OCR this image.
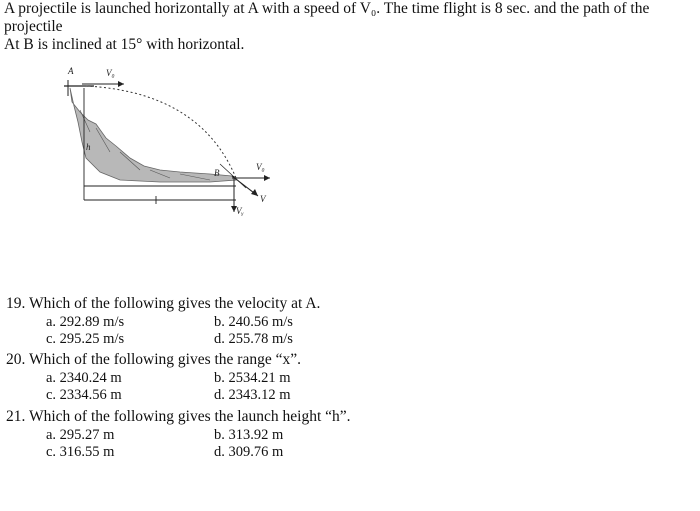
A projectile is launched horizontally at A with a speed of V₀. The time flight is 8 sec. and the path of the
projectile
At B is inclined at 15° with horizontal.
A	V₀
h
B
V₀
Vᵧ
V
19. Which of the following gives the velocity at A.
a. 292.89 m/s	b. 240.56 m/s
c. 295.25 m/s	d. 255.78 m/s
20. Which of the following gives the range “x”.
a. 2340.24 m	b. 2534.21 m
c. 2334.56 m	d. 2343.12 m
21. Which of the following gives the launch height “h”.
a. 295.27 m	b. 313.92 m
c. 316.55 m	d. 309.76 m
